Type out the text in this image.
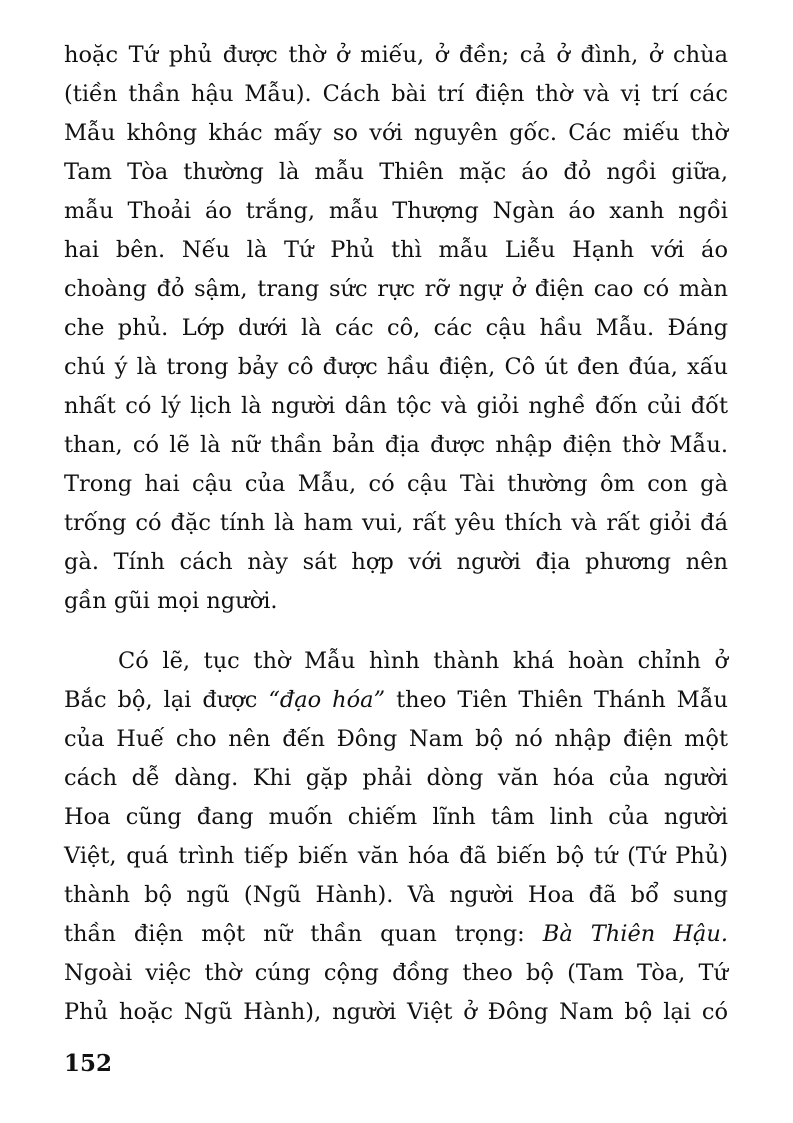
hoặc Tứ phủ được thờ ở miếu, ở đền; cả ở đình, ở chùa
(tiền thần hậu Mẫu). Cách bài trí điện thờ và vị trí các
Mẫu không khác mấy so với nguyên gốc. Các miếu thờ
Tam Tòa thường là mẫu Thiên mặc áo đỏ ngồi giữa,
mẫu Thoải áo trắng, mẫu Thượng Ngàn áo xanh ngồi
hai bên. Nếu là Tứ Phủ thì mẫu Liễu Hạnh với áo
choàng đỏ sậm, trang sức rực rỡ ngự ở điện cao có màn
che phủ. Lớp dưới là các cô, các cậu hầu Mẫu. Đáng
chú ý là trong bảy cô được hầu điện, Cô út đen đúa, xấu
nhất có lý lịch là người dân tộc và giỏi nghề đốn củi đốt
than, có lẽ là nữ thần bản địa được nhập điện thờ Mẫu.
Trong hai cậu của Mẫu, có cậu Tài thường ôm con gà
trống có đặc tính là ham vui, rất yêu thích và rất giỏi đá
gà. Tính cách này sát hợp với người địa phương nên
gần gũi mọi người.
Có lẽ, tục thờ Mẫu hình thành khá hoàn chỉnh ở
Bắc bộ, lại được “đạo hóa” theo Tiên Thiên Thánh Mẫu
của Huế cho nên đến Đông Nam bộ nó nhập điện một
cách dễ dàng. Khi gặp phải dòng văn hóa của người
Hoa cũng đang muốn chiếm lĩnh tâm linh của người
Việt, quá trình tiếp biến văn hóa đã biến bộ tứ (Tứ Phủ)
thành bộ ngũ (Ngũ Hành). Và người Hoa đã bổ sung
thần điện một nữ thần quan trọng: Bà Thiên Hậu.
Ngoài việc thờ cúng cộng đồng theo bộ (Tam Tòa, Tứ
Phủ hoặc Ngũ Hành), người Việt ở Đông Nam bộ lại có
152
